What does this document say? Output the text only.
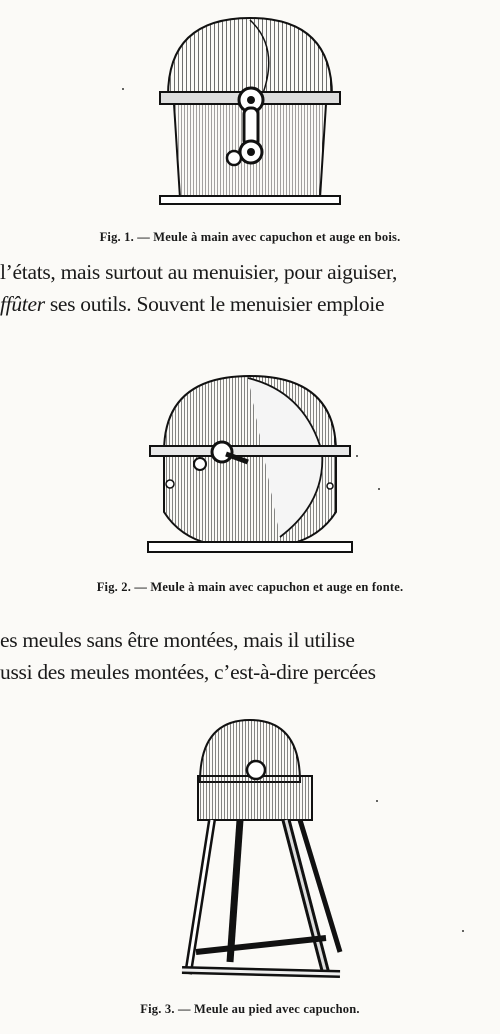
Fig. 1. — Meule à main avec capuchon et auge en bois.
l’états, mais surtout au menuisier, pour aiguiser,
ffûter ses outils. Souvent le menuisier emploie
Fig. 2. — Meule à main avec capuchon et auge en fonte.
es meules sans être montées, mais il utilise
ussi des meules montées, c’est-à-dire percées
Fig. 3. — Meule au pied avec capuchon.
